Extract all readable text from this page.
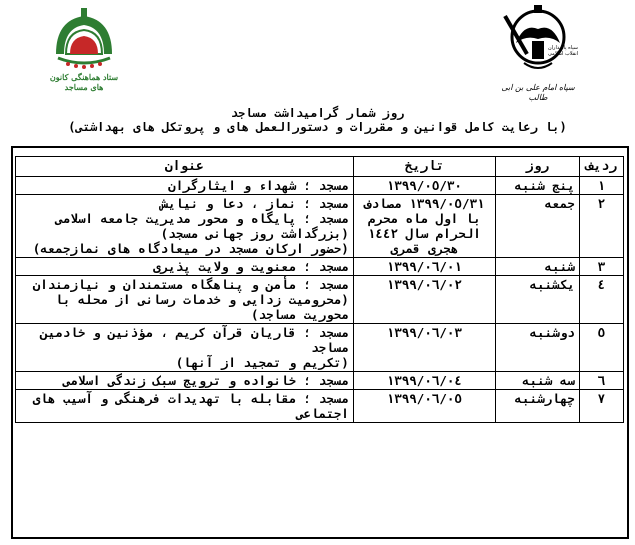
ستاد هماهنگی کانون های مساجد
سپاه پاسداران انقلاب اسلامی
سپاه امام علی بن ابی طالب
روز شمار گرامیداشت مساجد
(با رعایت کامل قوانین و مقررات و دستورالعمل های و پروتکل های بهداشتی)
ردیف	روز	تاریخ	عنوان
١	پنج شنبه	١٣٩٩/٠٥/٣٠	مسجد ؛ شهداء و ایثارگران

٢	جمعه	١٣٩٩/٠٥/٣١ مصادف با اول ماه محرم الحرام سال ١٤٤٢ هجری قمری	مسجد ؛ نماز ، دعا و نیایش
مسجد ؛ پایگاه و محور مدیریت جامعه اسلامی
(بزرگداشت روز جهانی مسجد)
(حضور ارکان مسجد در میعادگاه های نمازجمعه)

٣	شنبه	١٣٩٩/٠٦/٠١	مسجد ؛ معنویت و ولایت پذیری

٤	یکشنبه	١٣٩٩/٠٦/٠٢	مسجد ؛ مأمن و پناهگاه مستمندان و نیازمندان
(محرومیت زدایی و خدمات رسانی از محله با محوریت مساجد)

٥	دوشنبه	١٣٩٩/٠٦/٠٣	مسجد ؛ قاریان قرآن کریم ، مؤذنین و خادمین مساجد
(تکریم و تمجید از آنها)

٦	سه شنبه	١٣٩٩/٠٦/٠٤	مسجد ؛ خانواده و ترویج سبک زندگی اسلامی

٧	چهارشنبه	١٣٩٩/٠٦/٠٥	مسجد ؛ مقابله با تهدیدات فرهنگی و آسیب های اجتماعی
